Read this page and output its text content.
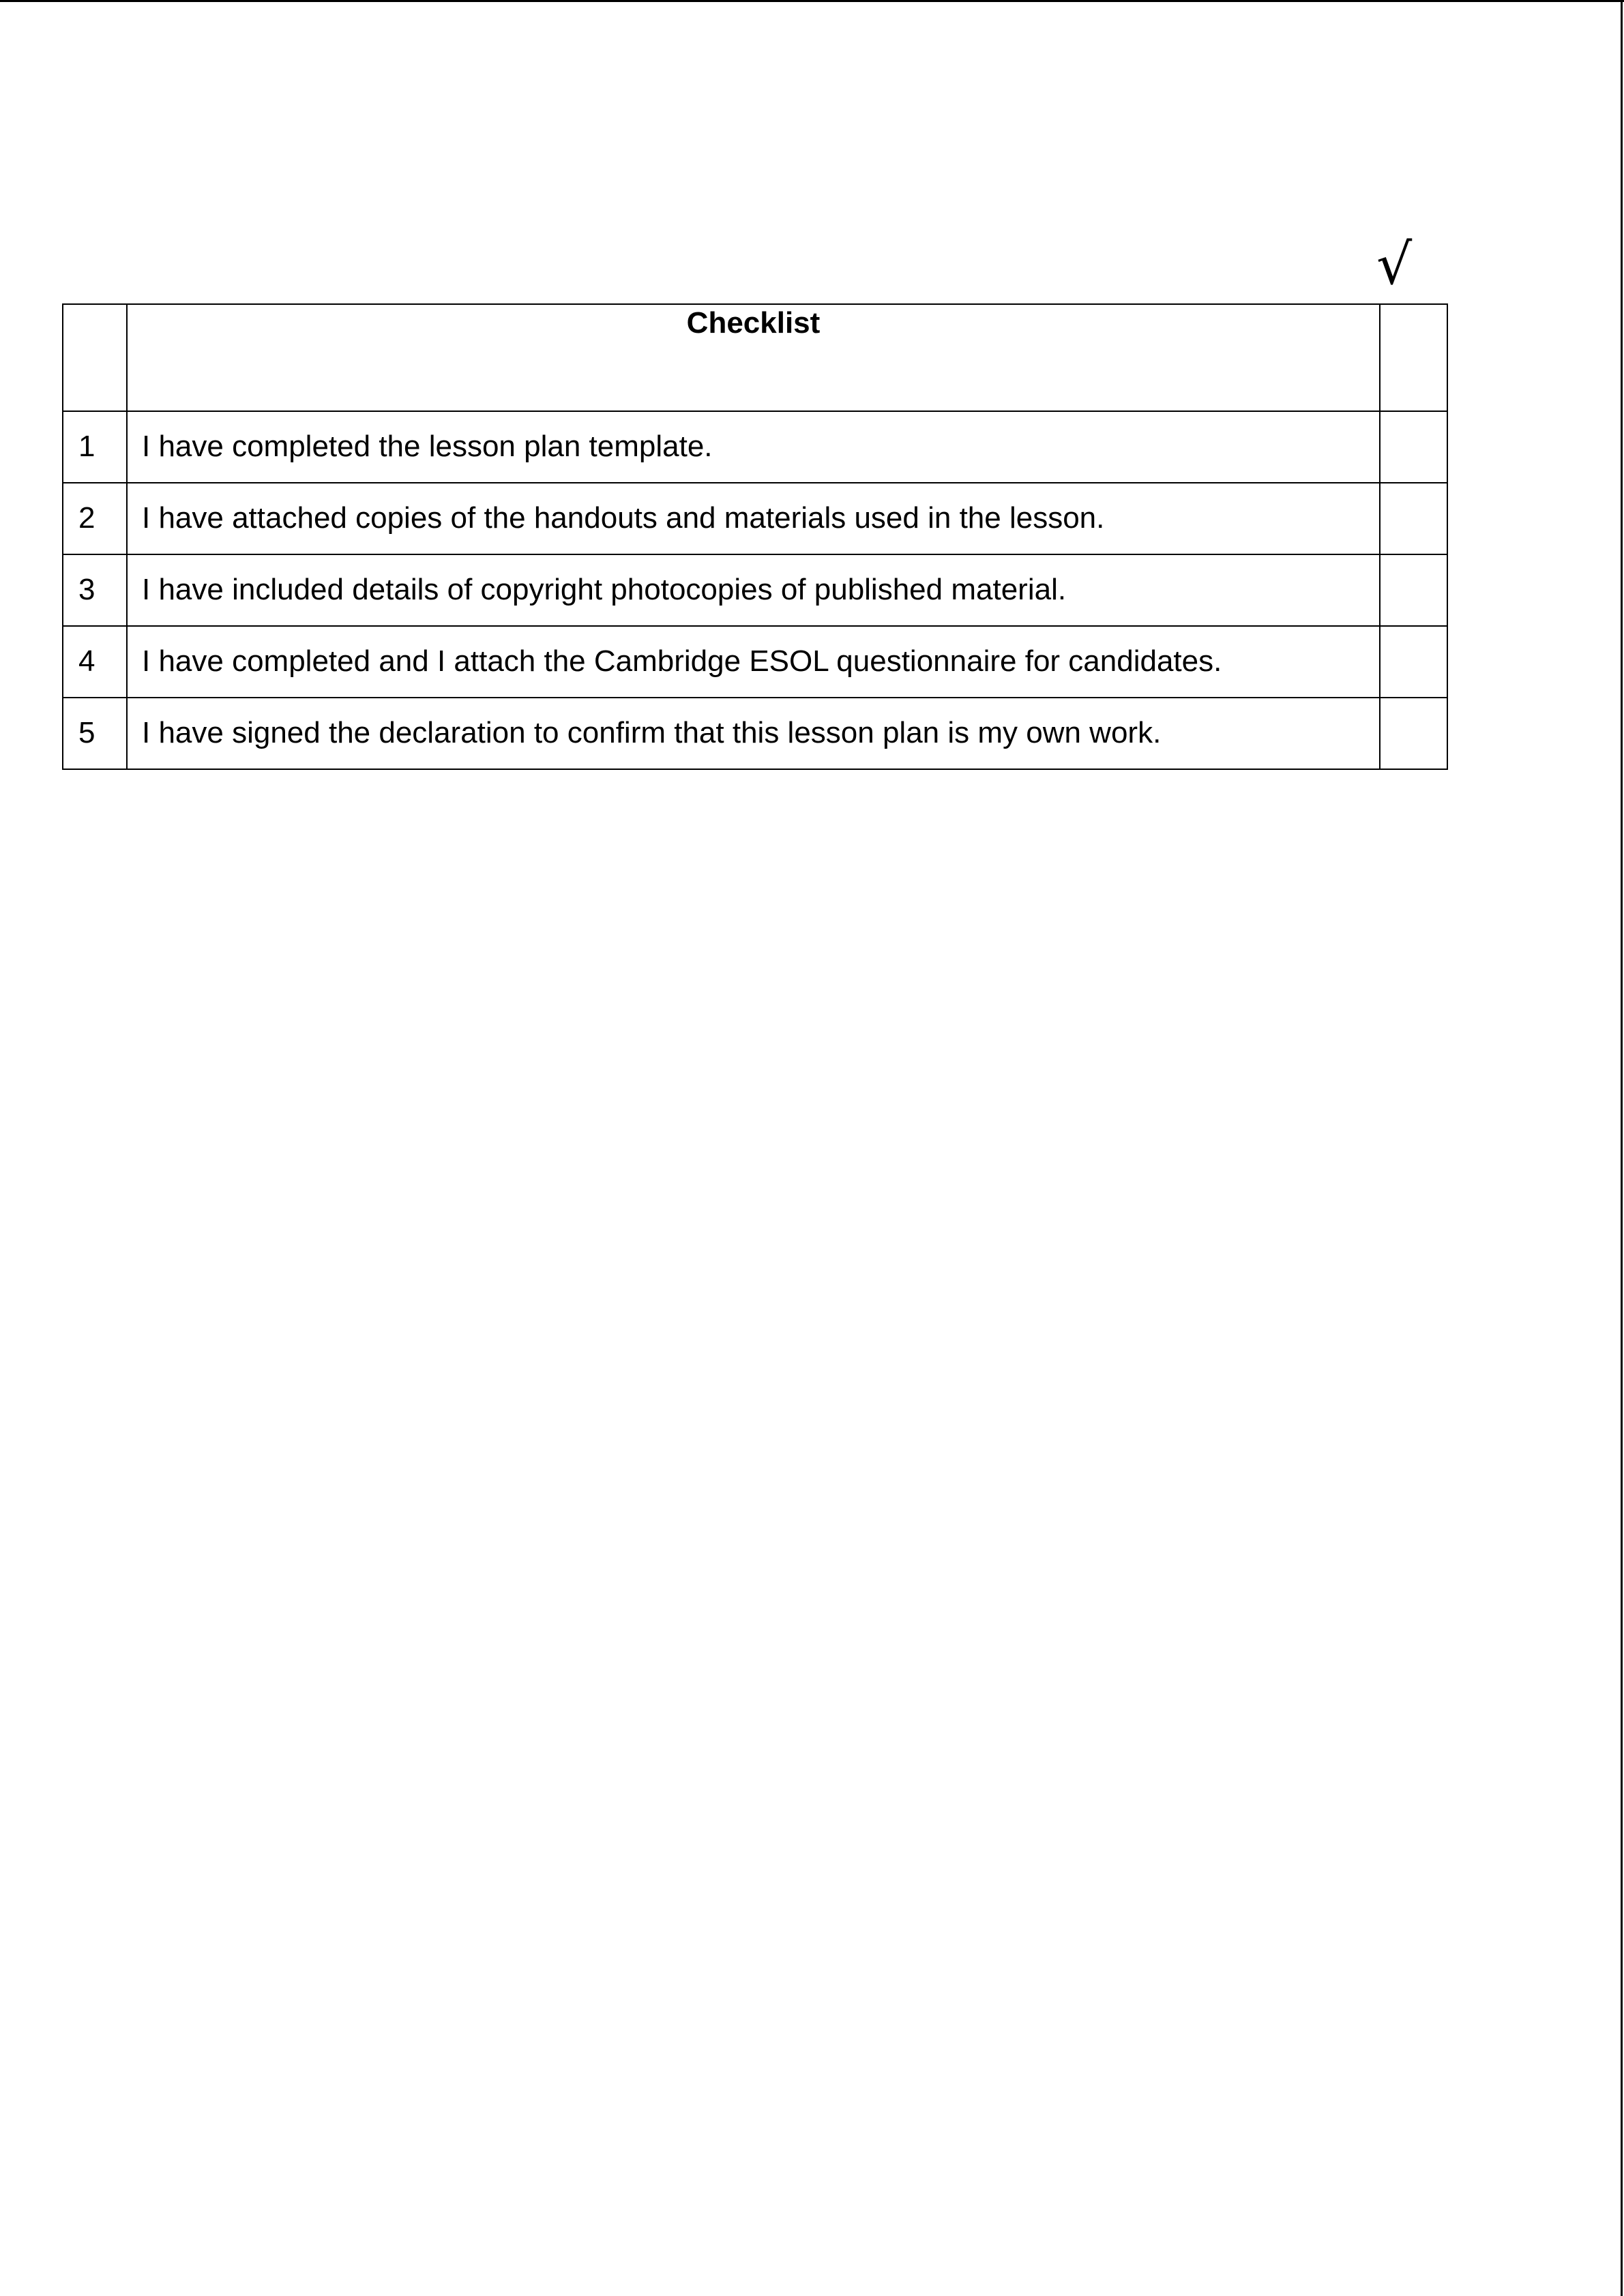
√
	Checklist	
1	I have completed the lesson plan template.	
2	I have attached copies of the handouts and materials used in the lesson.	
3	I have included details of copyright photocopies of published material.	
4	I have completed and I attach the Cambridge ESOL questionnaire for candidates.	
5	I have signed the declaration to confirm that this lesson plan is my own work.	
